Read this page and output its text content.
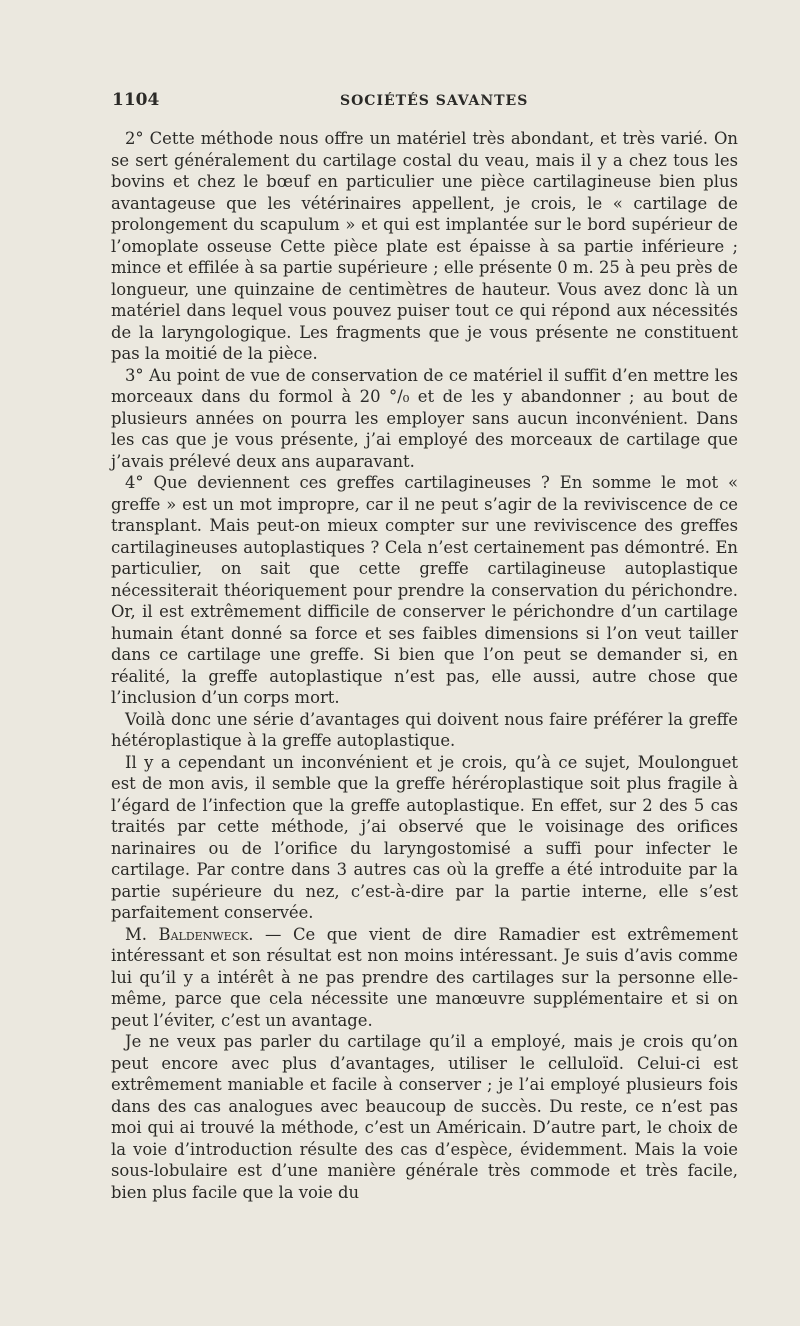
1104	SOCIÉTÉS SAVANTES

2° Cette méthode nous offre un matériel très abondant, et très varié. On se sert généralement du cartilage costal du veau, mais il y a chez tous les bovins et chez le bœuf en particulier une pièce cartilagineuse bien plus avantageuse que les vétérinaires appellent, je crois, le « cartilage de prolongement du scapulum » et qui est implantée sur le bord supérieur de l’omoplate osseuse Cette pièce plate est épaisse à sa partie inférieure ; mince et effilée à sa partie supérieure ; elle présente 0 m. 25 à peu près de longueur, une quinzaine de centimètres de hauteur. Vous avez donc là un matériel dans lequel vous pouvez puiser tout ce qui répond aux nécessités de la laryngologique. Les fragments que je vous présente ne constituent pas la moitié de la pièce.

3° Au point de vue de conservation de ce matériel il suffit d’en mettre les morceaux dans du formol à 20 °/₀ et de les y abandonner ; au bout de plusieurs années on pourra les employer sans aucun inconvénient. Dans les cas que je vous présente, j’ai employé des morceaux de cartilage que j’avais prélevé deux ans auparavant.

4° Que deviennent ces greffes cartilagineuses ? En somme le mot « greffe » est un mot impropre, car il ne peut s’agir de la reviviscence de ce transplant. Mais peut-on mieux compter sur une reviviscence des greffes cartilagineuses autoplastiques ? Cela n’est certainement pas démontré. En particulier, on sait que cette greffe cartilagineuse autoplastique nécessiterait théoriquement pour prendre la conservation du périchondre. Or, il est extrêmement difficile de conserver le périchondre d’un cartilage humain étant donné sa force et ses faibles dimensions si l’on veut tailler dans ce cartilage une greffe. Si bien que l’on peut se demander si, en réalité, la greffe autoplastique n’est pas, elle aussi, autre chose que l’inclusion d’un corps mort.

Voilà donc une série d’avantages qui doivent nous faire préférer la greffe hétéroplastique à la greffe autoplastique.

Il y a cependant un inconvénient et je crois, qu’à ce sujet, Moulonguet est de mon avis, il semble que la greffe héréroplastique soit plus fragile à l’égard de l’infection que la greffe autoplastique. En effet, sur 2 des 5 cas traités par cette méthode, j’ai observé que le voisinage des orifices narinaires ou de l’orifice du laryngostomisé a suffi pour infecter le cartilage. Par contre dans 3 autres cas où la greffe a été introduite par la partie supérieure du nez, c’est-à-dire par la partie interne, elle s’est parfaitement conservée.

M. Baldenweck. — Ce que vient de dire Ramadier est extrêmement intéressant et son résultat est non moins intéressant. Je suis d’avis comme lui qu’il y a intérêt à ne pas prendre des cartilages sur la personne elle-même, parce que cela nécessite une manœuvre supplémentaire et si on peut l’éviter, c’est un avantage.

Je ne veux pas parler du cartilage qu’il a employé, mais je crois qu’on peut encore avec plus d’avantages, utiliser le celluloïd. Celui-ci est extrêmement maniable et facile à conserver ; je l’ai employé plusieurs fois dans des cas analogues avec beaucoup de succès. Du reste, ce n’est pas moi qui ai trouvé la méthode, c’est un Américain. D’autre part, le choix de la voie d’introduction résulte des cas d’espèce, évidemment. Mais la voie sous-lobulaire est d’une manière générale très commode et très facile, bien plus facile que la voie du
